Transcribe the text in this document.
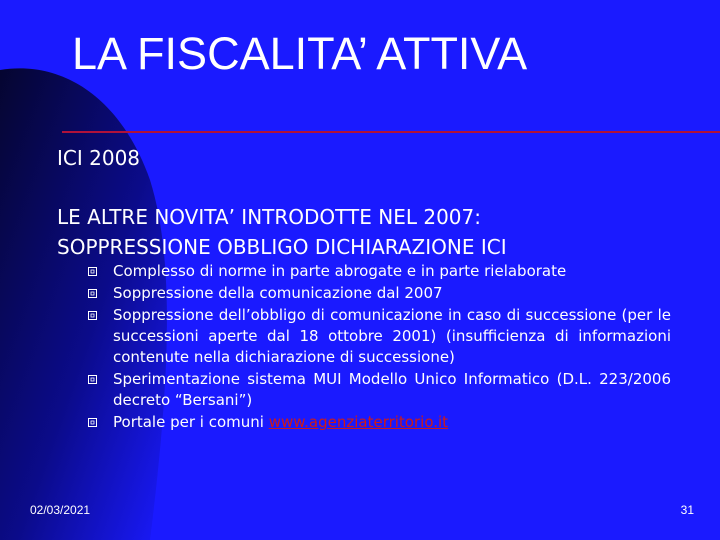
LA FISCALITA’ ATTIVA
ICI 2008
LE ALTRE NOVITA’ INTRODOTTE NEL 2007:
SOPPRESSIONE OBBLIGO DICHIARAZIONE ICI
Complesso di norme in parte abrogate e in parte rielaborate
Soppressione della comunicazione dal 2007
Soppressione dell’obbligo di comunicazione in caso di successione (per le successioni aperte dal 18 ottobre 2001) (insufficienza di informazioni contenute nella dichiarazione di successione)
Sperimentazione sistema MUI Modello Unico Informatico (D.L. 223/2006 decreto “Bersani”)
Portale per i comuni www.agenziaterritorio.it
02/03/2021	31
